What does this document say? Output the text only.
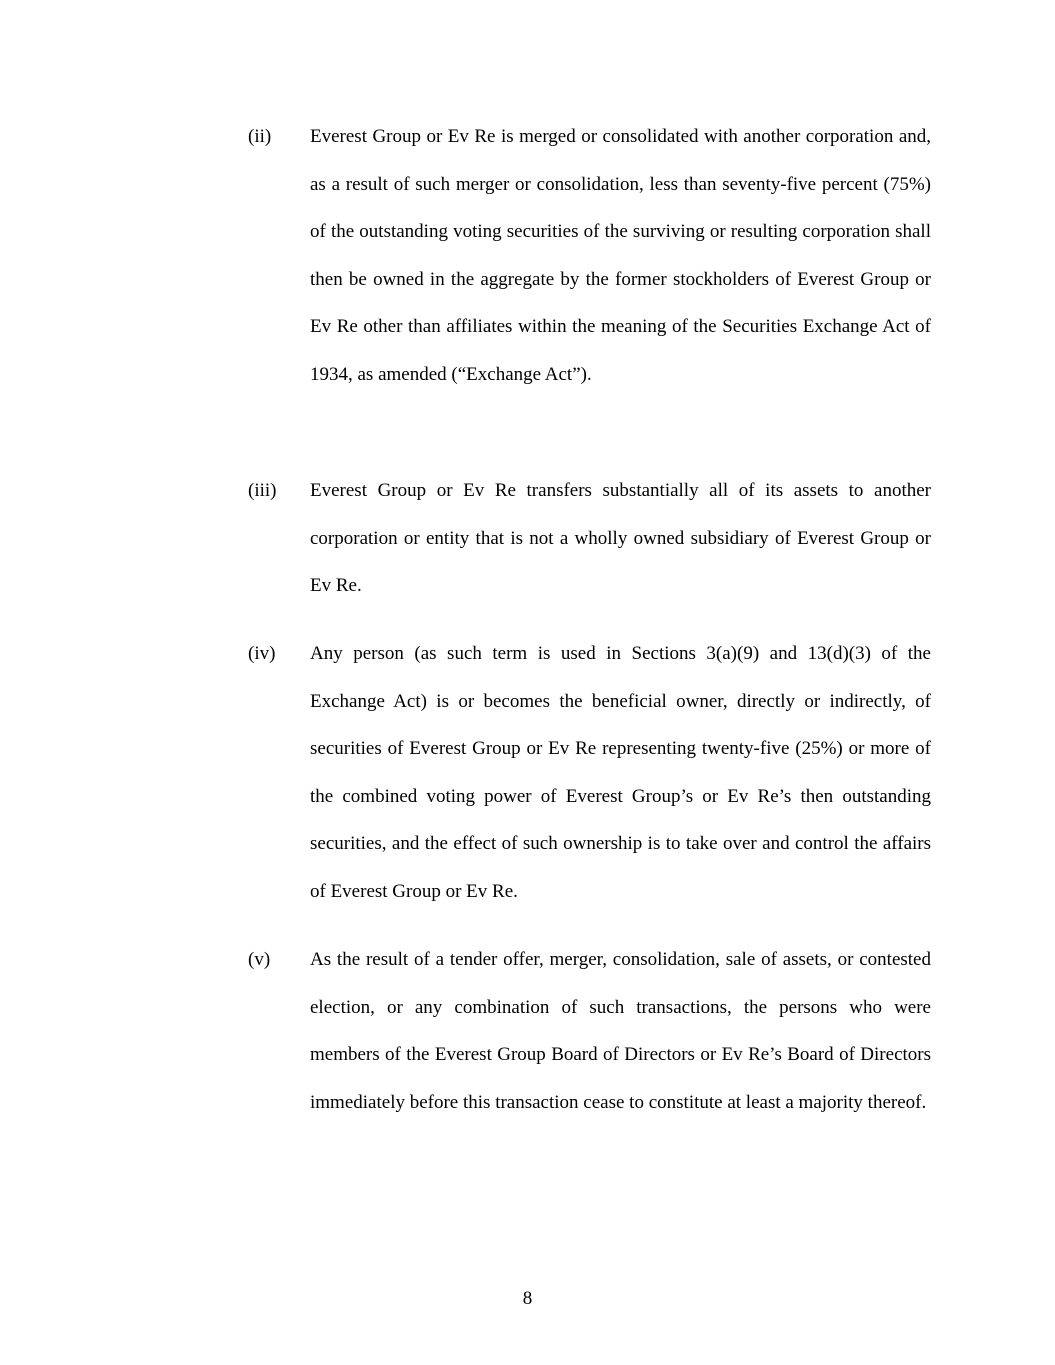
(ii) Everest Group or Ev Re is merged or consolidated with another corporation and, as a result of such merger or consolidation, less than seventy-five percent (75%) of the outstanding voting securities of the surviving or resulting corporation shall then be owned in the aggregate by the former stockholders of Everest Group or Ev Re other than affiliates within the meaning of the Securities Exchange Act of 1934, as amended (“Exchange Act”).
(iii) Everest Group or Ev Re transfers substantially all of its assets to another corporation or entity that is not a wholly owned subsidiary of Everest Group or Ev Re.
(iv) Any person (as such term is used in Sections 3(a)(9) and 13(d)(3) of the Exchange Act) is or becomes the beneficial owner, directly or indirectly, of securities of Everest Group or Ev Re representing twenty-five (25%) or more of the combined voting power of Everest Group’s or Ev Re’s then outstanding securities, and the effect of such ownership is to take over and control the affairs of Everest Group or Ev Re.
(v) As the result of a tender offer, merger, consolidation, sale of assets, or contested election, or any combination of such transactions, the persons who were members of the Everest Group Board of Directors or Ev Re’s Board of Directors immediately before this transaction cease to constitute at least a majority thereof.
8
